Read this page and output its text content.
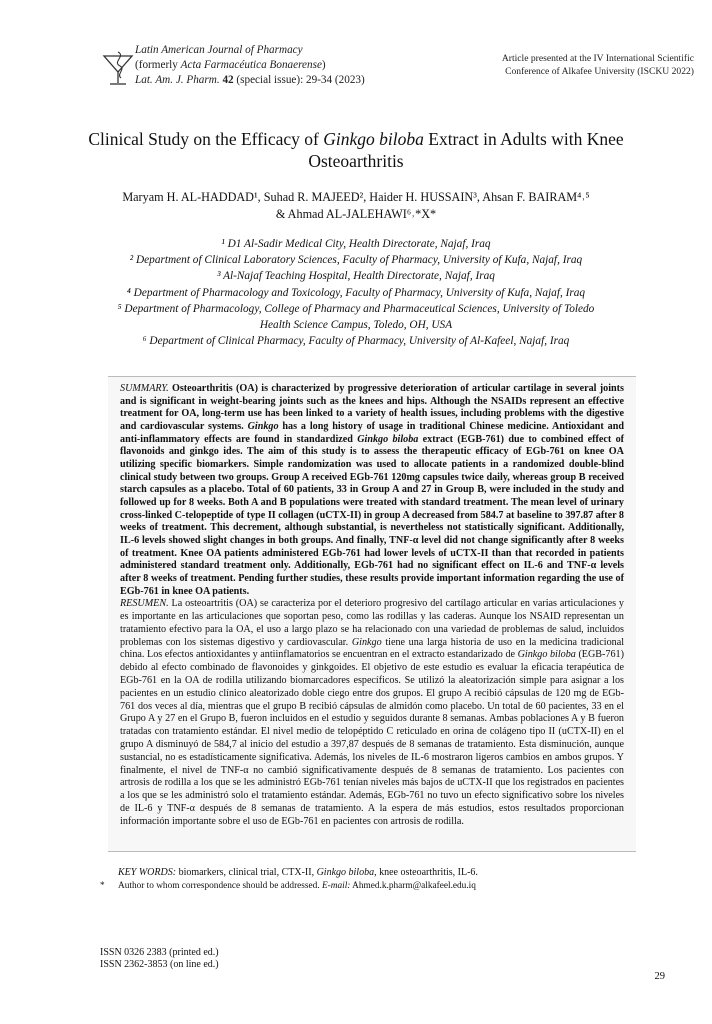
Latin American Journal of Pharmacy
(formerly Acta Farmacéutica Bonaerense)
Lat. Am. J. Pharm. 42 (special issue): 29-34 (2023)
Article presented at the IV International Scientific Conference of Alkafee University (ISCKU 2022)
Clinical Study on the Efficacy of Ginkgo biloba Extract in Adults with Knee Osteoarthritis
Maryam H. AL-HADDAD¹, Suhad R. MAJEED², Haider H. HUSSAIN³, Ahsan F. BAIRAM⁴˒⁵
& Ahmad AL-JALEHAWI⁶˒*X*
¹ D1 Al-Sadir Medical City, Health Directorate, Najaf, Iraq
² Department of Clinical Laboratory Sciences, Faculty of Pharmacy, University of Kufa, Najaf, Iraq
³ Al-Najaf Teaching Hospital, Health Directorate, Najaf, Iraq
⁴ Department of Pharmacology and Toxicology, Faculty of Pharmacy, University of Kufa, Najaf, Iraq
⁵ Department of Pharmacology, College of Pharmacy and Pharmaceutical Sciences, University of Toledo
Health Science Campus, Toledo, OH, USA
⁶ Department of Clinical Pharmacy, Faculty of Pharmacy, University of Al-Kafeel, Najaf, Iraq
SUMMARY. Osteoarthritis (OA) is characterized by progressive deterioration of articular cartilage in several joints and is significant in weight-bearing joints such as the knees and hips. Although the NSAIDs represent an effective treatment for OA, long-term use has been linked to a variety of health issues, including problems with the digestive and cardiovascular systems. Ginkgo has a long history of usage in traditional Chinese medicine. Antioxidant and anti-inflammatory effects are found in standardized Ginkgo biloba extract (EGB-761) due to combined effect of flavonoids and ginkgo ides. The aim of this study is to assess the therapeutic efficacy of EGb-761 on knee OA utilizing specific biomarkers. Simple randomization was used to allocate patients in a randomized double-blind clinical study between two groups. Group A received EGb-761 120mg capsules twice daily, whereas group B received starch capsules as a placebo. Total of 60 patients, 33 in Group A and 27 in Group B, were included in the study and followed up for 8 weeks. Both A and B populations were treated with standard treatment. The mean level of urinary cross-linked C-telopeptide of type II collagen (uCTX-II) in group A decreased from 584.7 at baseline to 397.87 after 8 weeks of treatment. This decrement, although substantial, is nevertheless not statistically significant. Additionally, IL-6 levels showed slight changes in both groups. And finally, TNF-α level did not change significantly after 8 weeks of treatment. Knee OA patients administered EGb-761 had lower levels of uCTX-II than that recorded in patients administered standard treatment only. Additionally, EGb-761 had no significant effect on IL-6 and TNF-α levels after 8 weeks of treatment. Pending further studies, these results provide important information regarding the use of EGb-761 in knee OA patients.
RESUMEN. La osteoartritis (OA) se caracteriza por el deterioro progresivo del cartílago articular en varias articulaciones y es importante en las articulaciones que soportan peso, como las rodillas y las caderas. Aunque los NSAID representan un tratamiento efectivo para la OA, el uso a largo plazo se ha relacionado con una variedad de problemas de salud, incluidos problemas con los sistemas digestivo y cardiovascular. Ginkgo tiene una larga historia de uso en la medicina tradicional china. Los efectos antioxidantes y antiinflamatorios se encuentran en el extracto estandarizado de Ginkgo biloba (EGB-761) debido al efecto combinado de flavonoides y ginkgoides. El objetivo de este estudio es evaluar la eficacia terapéutica de EGb-761 en la OA de rodilla utilizando biomarcadores específicos. Se utilizó la aleatorización simple para asignar a los pacientes en un estudio clínico aleatorizado doble ciego entre dos grupos. El grupo A recibió cápsulas de 120 mg de EGb-761 dos veces al día, mientras que el grupo B recibió cápsulas de almidón como placebo. Un total de 60 pacientes, 33 en el Grupo A y 27 en el Grupo B, fueron incluidos en el estudio y seguidos durante 8 semanas. Ambas poblaciones A y B fueron tratadas con tratamiento estándar. El nivel medio de telopéptido C reticulado en orina de colágeno tipo II (uCTX-II) en el grupo A disminuyó de 584,7 al inicio del estudio a 397,87 después de 8 semanas de tratamiento. Esta disminución, aunque sustancial, no es estadísticamente significativa. Además, los niveles de IL-6 mostraron ligeros cambios en ambos grupos. Y finalmente, el nivel de TNF-α no cambió significativamente después de 8 semanas de tratamiento. Los pacientes con artrosis de rodilla a los que se les administró EGb-761 tenían niveles más bajos de uCTX-II que los registrados en pacientes a los que se les administró solo el tratamiento estándar. Además, EGb-761 no tuvo un efecto significativo sobre los niveles de IL-6 y TNF-α después de 8 semanas de tratamiento. A la espera de más estudios, estos resultados proporcionan información importante sobre el uso de EGb-761 en pacientes con artrosis de rodilla.
KEY WORDS: biomarkers, clinical trial, CTX-II, Ginkgo biloba, knee osteoarthritis, IL-6.
* Author to whom correspondence should be addressed. E-mail: Ahmed.k.pharm@alkafeel.edu.iq
ISSN 0326 2383 (printed ed.)
ISSN 2362-3853 (on line ed.)
29
